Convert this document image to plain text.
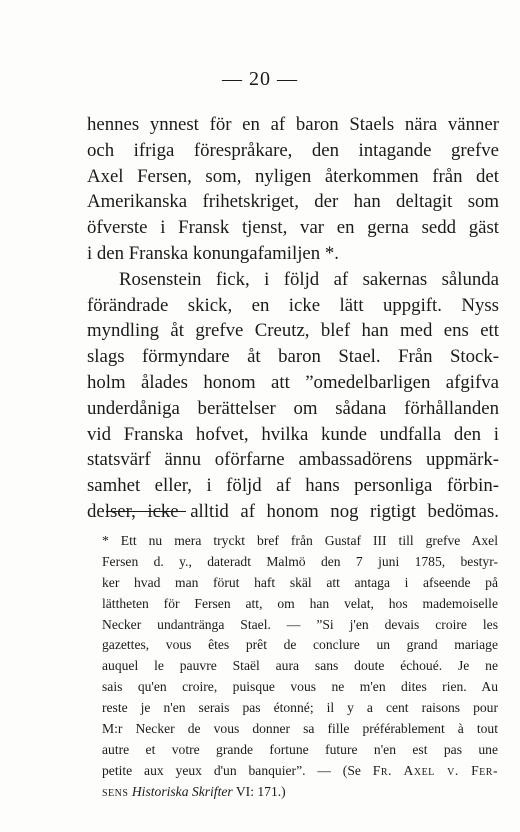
— 20 —
hennes ynnest för en af baron Staels nära vänner
och ifriga förespråkare, den intagande grefve
Axel Fersen, som, nyligen återkommen från det
Amerikanska frihetskriget, der han deltagit som
öfverste i Fransk tjenst, var en gerna sedd gäst
i den Franska konungafamiljen *.
Rosenstein fick, i följd af sakernas sålunda
förändrade skick, en icke lätt uppgift. Nyss
myndling åt grefve Creutz, blef han med ens ett
slags förmyndare åt baron Stael. Från Stock-
holm ålades honom att ”omedelbarligen afgifva
underdåniga berättelser om sådana förhållanden
vid Franska hofvet, hvilka kunde undfalla den i
statsvärf ännu oförfarne ambassadörens uppmärk-
samhet eller, i följd af hans personliga förbin-
delser, icke alltid af honom nog rigtigt bedömas.
* Ett nu mera tryckt bref från Gustaf III till grefve Axel
Fersen d. y., dateradt Malmö den 7 juni 1785, bestyr-
ker hvad man förut haft skäl att antaga i afseende på
lättheten för Fersen att, om han velat, hos mademoiselle
Necker undantränga Stael. — ”Si j'en devais croire les
gazettes, vous êtes prêt de conclure un grand mariage
auquel le pauvre Staël aura sans doute échoué. Je ne
sais qu'en croire, puisque vous ne m'en dites rien. Au
reste je n'en serais pas étonné; il y a cent raisons pour
M:r Necker de vous donner sa fille préférablement à tout
autre et votre grande fortune future n'en est pas une
petite aux yeux d'un banquier”. — (Se Fr. Axel v. Fer-
sens Historiska Skrifter VI: 171.)
